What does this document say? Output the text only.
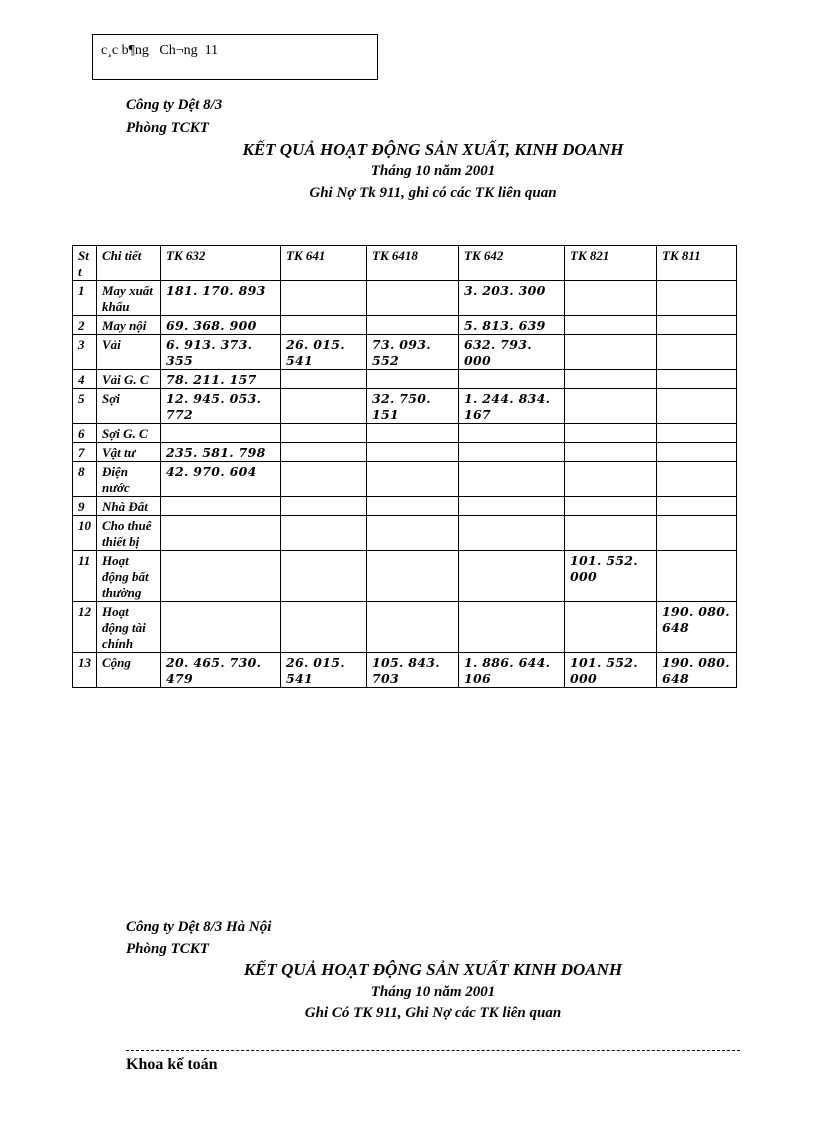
c¸c b¶ng   Ch¬ng  11
Công ty Dệt 8/3
Phòng TCKT
KẾT QUẢ HOẠT ĐỘNG SẢN XUẤT, KINH DOANH
Tháng 10 năm 2001
Ghi Nợ Tk 911, ghi có các TK liên quan
St t	Chi tiết	TK 632	TK 641	TK 6418	TK 642	TK 821	TK 811
1	May xuất khẩu	181. 170. 893			3. 203. 300		
2	May nội	69. 368. 900			5. 813. 639		
3	Vải	6. 913. 373. 355	26. 015. 541	73. 093. 552	632. 793. 000		
4	Vải G. C	78. 211. 157					
5	Sợi	12. 945. 053. 772		32. 750. 151	1. 244. 834. 167		
6	Sợi G. C						
7	Vật tư	235. 581. 798					
8	Điện nước	42. 970. 604					
9	Nhà Đất						
10	Cho thuê thiết bị						
11	Hoạt động bất thường					101. 552. 000	
12	Hoạt động tài chính						190. 080. 648
13	Cộng	20. 465. 730. 479	26. 015. 541	105. 843. 703	1. 886. 644. 106	101. 552. 000	190. 080. 648
Công ty Dệt 8/3 Hà Nội
Phòng TCKT
KẾT QUẢ HOẠT ĐỘNG SẢN XUẤT KINH DOANH
Tháng 10 năm 2001
Ghi Có TK 911, Ghi Nợ các TK liên quan
Khoa kế toán
